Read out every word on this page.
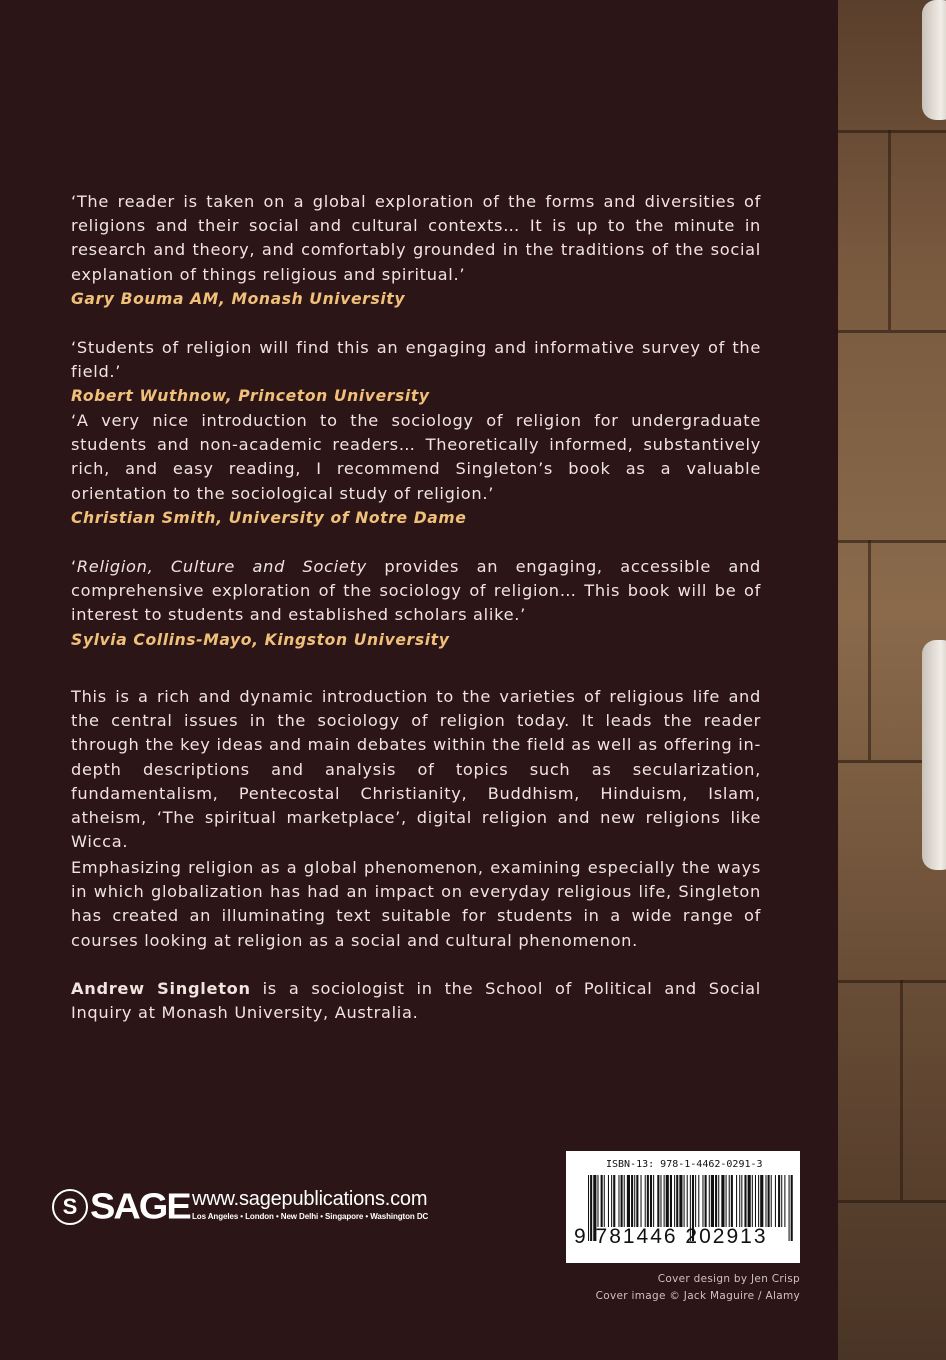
‘The reader is taken on a global exploration of the forms and diversities of religions and their social and cultural contexts… It is up to the minute in research and theory, and comfortably grounded in the traditions of the social explanation of things religious and spiritual.’

Gary Bouma AM, Monash University

‘Students of religion will find this an engaging and informative survey of the field.’

Robert Wuthnow, Princeton University

‘A very nice introduction to the sociology of religion for undergraduate students and non-academic readers… Theoretically informed, substantively rich, and easy reading, I recommend Singleton’s book as a valuable orientation to the sociological study of religion.’

Christian Smith, University of Notre Dame

‘Religion, Culture and Society provides an engaging, accessible and comprehensive exploration of the sociology of religion… This book will be of interest to students and established scholars alike.’

Sylvia Collins-Mayo, Kingston University

This is a rich and dynamic introduction to the varieties of religious life and the central issues in the sociology of religion today. It leads the reader through the key ideas and main debates within the field as well as offering in-depth descriptions and analysis of topics such as secularization, fundamentalism, Pentecostal Christianity, Buddhism, Hinduism, Islam, atheism, ‘The spiritual marketplace’, digital religion and new religions like Wicca.

Emphasizing religion as a global phenomenon, examining especially the ways in which globalization has had an impact on everyday religious life, Singleton has created an illuminating text suitable for students in a wide range of courses looking at religion as a social and cultural phenomenon.

Andrew Singleton is a sociologist in the School of Political and Social Inquiry at Monash University, Australia.

S SAGE www.sagepublications.com
Los Angeles • London • New Delhi • Singapore • Washington DC
ISBN-13: 978-1-4462-0291-3
9 781446 202913
Cover design by Jen Crisp
Cover image © Jack Maguire / Alamy
